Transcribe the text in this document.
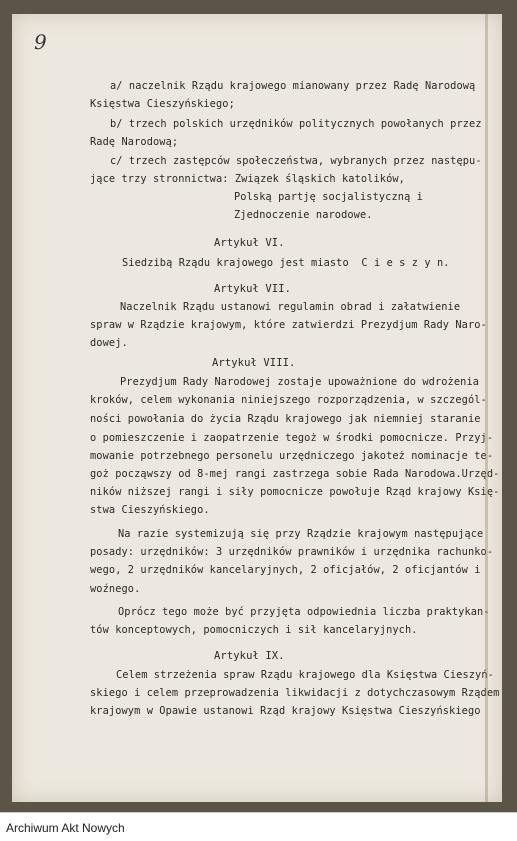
9
a/ naczelnik Rządu krajowego mianowany przez Radę Narodową
Księstwa Cieszyńskiego;
b/ trzech polskich urzędników politycznych powołanych przez
Radę Narodową;
c/ trzech zastępców społeczeństwa, wybranych przez następu-
jące trzy stronnictwa: Związek śląskich katolików,
Polską partję socjalistyczną i
Zjednoczenie narodowe.
Artykuł VI.
Siedzibą Rządu krajowego jest miasto  C i e s z y n.
Artykuł VII.
Naczelnik Rządu ustanowi regulamin obrad i załatwienie
spraw w Rządzie krajowym, które zatwierdzi Prezydjum Rady Naro-
dowej.
Artykuł VIII.
Prezydjum Rady Narodowej zostaje upoważnione do wdrożenia
kroków, celem wykonania niniejszego rozporządzenia, w szczegól-
ności powołania do życia Rządu krajowego jak niemniej staranie
o pomieszczenie i zaopatrzenie tegoż w środki pomocnicze. Przyj-
mowanie potrzebnego personelu urzędniczego jakoteż nominacje te-
goż począwszy od 8-mej rangi zastrzega sobie Rada Narodowa.Urzęd-
ników niższej rangi i siły pomocnicze powołuje Rząd krajowy Księ-
stwa Cieszyńskiego.
Na razie systemizują się przy Rządzie krajowym następujące
posady: urzędników: 3 urzędników prawników i urzędnika rachunko-
wego, 2 urzędników kancelaryjnych, 2 oficjałów, 2 oficjantów i
woźnego.
Oprócz tego może być przyjęta odpowiednia liczba praktykan-
tów konceptowych, pomocniczych i sił kancelaryjnych.
Artykuł IX.
Celem strzeżenia spraw Rządu krajowego dla Księstwa Cieszyń-
skiego i celem przeprowadzenia likwidacji z dotychczasowym Rządem
krajowym w Opawie ustanowi Rząd krajowy Księstwa Cieszyńskiego
Archiwum Akt Nowych
